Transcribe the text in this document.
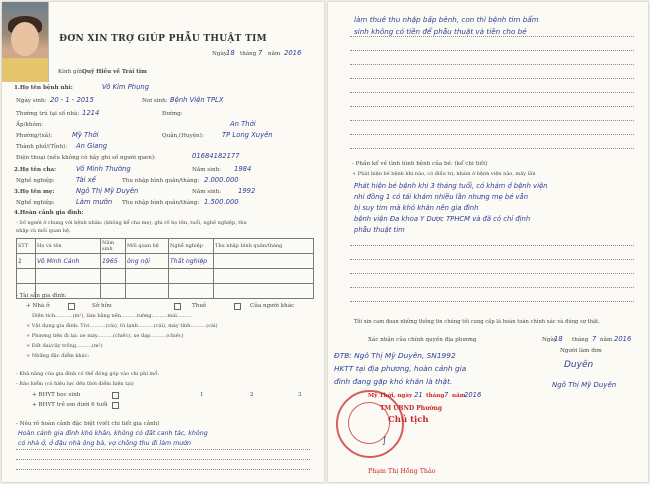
ĐƠN XIN TRỢ GIÚP PHẪU THUẬT TIM
Ngày 18 tháng 7 năm 2016
Kính gửi:
Quỹ Hiếu về Trái tim
1.Họ tên bệnh nhi:	Võ Kim Phụng
Ngày sinh: 20 - 1 - 2015	Nơi sinh: Bệnh Viện TPLX
Thường trú tại số nhà: 1214	Đường:
Ấp/khóm:	An Thới
Phường/(xã):	Mỹ Thới	Quận,(Huyện):	TP Long Xuyên
Thành phố/(Tỉnh): An Giang
Điện thoại (nếu không có hãy ghi số người quen):	01684182177
2.Họ tên cha:	Võ Minh Thường	Năm sinh: 1984
Nghề nghiệp:	Tài xế	Thu nhập bình quân/tháng: 2.000.000
3.Họ tên mẹ:	Ngô Thị Mỹ Duyên	Năm sinh: 1992
Nghề nghiệp:	Làm mướn Thu nhập bình quân/tháng: 1.500.000
4.Hoàn cảnh gia đình:
- Số người ở chung với bệnh nhân: (không kể cha mẹ), ghi rõ họ tên, tuổi, nghề nghiệp, thu
nhập và mối quan hệ.
STT	Họ và tên	Năm sinh	Mối quan hệ	Nghề nghiệp	Thu nhập bình quân/tháng
1	Võ Minh Cảnh	1965	ông nội	Thất nghiệp	

- Tài sản gia đình:
+ Nhà ở	Sở hữu	Thuê	Của người khác
Diện tích:..........(m²), làm bằng nền..........tường..........mái..........
+ Vật dụng gia đình: Tivi..........(cái), tủ lạnh..........(cái), máy tính..........(cái)
+ Phương tiện đi lại: xe máy..........(chiếc), xe đạp..........(chiếc)
+ Đất đai/cây trồng..........(m²)
+ Những đặc điểm khác:
- Khả năng của gia đình có thể đóng góp vào chi phí mổ:
- Bảo hiểm (có hiệu lực đến thời điểm hiện tại)
+ BHYT học sinh	1	2	3
+ BHYT trẻ em dưới 6 tuổi
- Nêu rõ hoàn cảnh đặc biệt (viết chi tiết gia cảnh)
Hoàn cảnh gia đình khó khăn, không có đất canh tác, không
có nhà ở, ở đậu nhà ông bà, vợ chồng thu đi làm mướn
làm thuê thu nhập bấp bênh, con thì bệnh tim bẩm
sinh không có tiền để phẫu thuật và tiền cho bé
- Phần kể về tình hình bệnh của bé: (kể chi tiết)
+ Phát hiện bé bệnh khi nào, có điều trị, khám ở bệnh viện nào, mấy lần
Phát hiện bé bệnh khi 3 tháng tuổi, có khám ở bệnh viện
nhi đồng 1 có tái khám nhiều lần nhưng mẹ bé vẫn
bị suy tim mà khó khăn nên gia đình
bệnh viện Đa khoa Y Dược TPHCM và đã có chỉ định
phẫu thuật tim
Tôi xin cam đoan những thông tin chúng tôi cung cấp là hoàn toàn chính xác và đúng sự thật.
Xác nhận của chính quyền địa phương	Ngày
18 tháng 7 năm 2016
Người làm đơn
Duyên
Ngô Thị Mỹ Duyên
ĐTB: Ngô Thị Mỹ Duyên, SN1992
HKTT tại địa phương, hoàn cảnh gia
đình đang gặp khó khăn là thật.
Mỹ Thới, ngày 21 tháng 7 năm
2016
TM UBND Phường
Chủ tịch
∫
Phạm Thị Hồng Thảo
